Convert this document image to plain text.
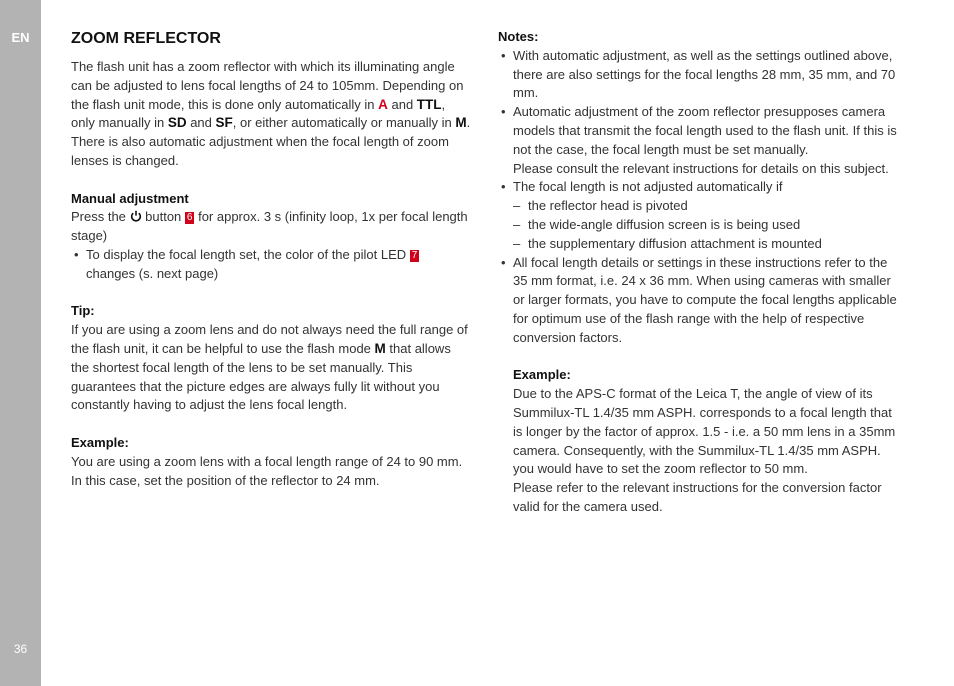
EN
36
ZOOM REFLECTOR

The flash unit has a zoom reflector with which its illuminating angle can be adjusted to lens focal lengths of 24 to 105mm. Depending on the flash unit mode, this is done only automatically in A and TTL, only manually in SD and SF, or either automatically or manually in M. There is also automatic adjustment when the focal length of zoom lenses is changed.

Manual adjustment

Press the  button 6 for approx. 3 s (infinity loop, 1x per focal length stage)

• To display the focal length set, the color of the pilot LED 7 changes (s. next page)

Tip:

If you are using a zoom lens and do not always need the full range of the flash unit, it can be helpful to use the flash mode M that allows the shortest focal length of the lens to be set manually. This guarantees that the picture edges are always fully lit without you constantly having to adjust the lens focal length.

Example:

You are using a zoom lens with a focal length range of 24 to 90 mm. In this case, set the position of the reflector to 24 mm.

Notes:

• With automatic adjustment, as well as the settings outlined above, there are also settings for the focal lengths 28 mm, 35 mm, and 70 mm.
• Automatic adjustment of the zoom reflector presupposes camera models that transmit the focal length used to the flash unit. If this is not the case, the focal length must be set manually.
Please consult the relevant instructions for details on this subject.
• The focal length is not adjusted automatically if
– the reflector head is pivoted
– the wide-angle diffusion screen is is being used
– the supplementary diffusion attachment is mounted
• All focal length details or settings in these instructions refer to the 35 mm format, i.e. 24 x 36 mm. When using cameras with smaller or larger formats, you have to compute the focal lengths applicable for optimum use of the flash range with the help of respective conversion factors.

Example:

Due to the APS-C format of the Leica T, the angle of view of its Summilux-TL 1.4/35 mm ASPH. corresponds to a focal length that is longer by the factor of approx. 1.5 - i.e. a 50 mm lens in a 35mm camera. Consequently, with the Summilux-TL 1.4/35 mm ASPH. you would have to set the zoom reflector to 50 mm.

Please refer to the relevant instructions for the conversion factor valid for the camera used.
